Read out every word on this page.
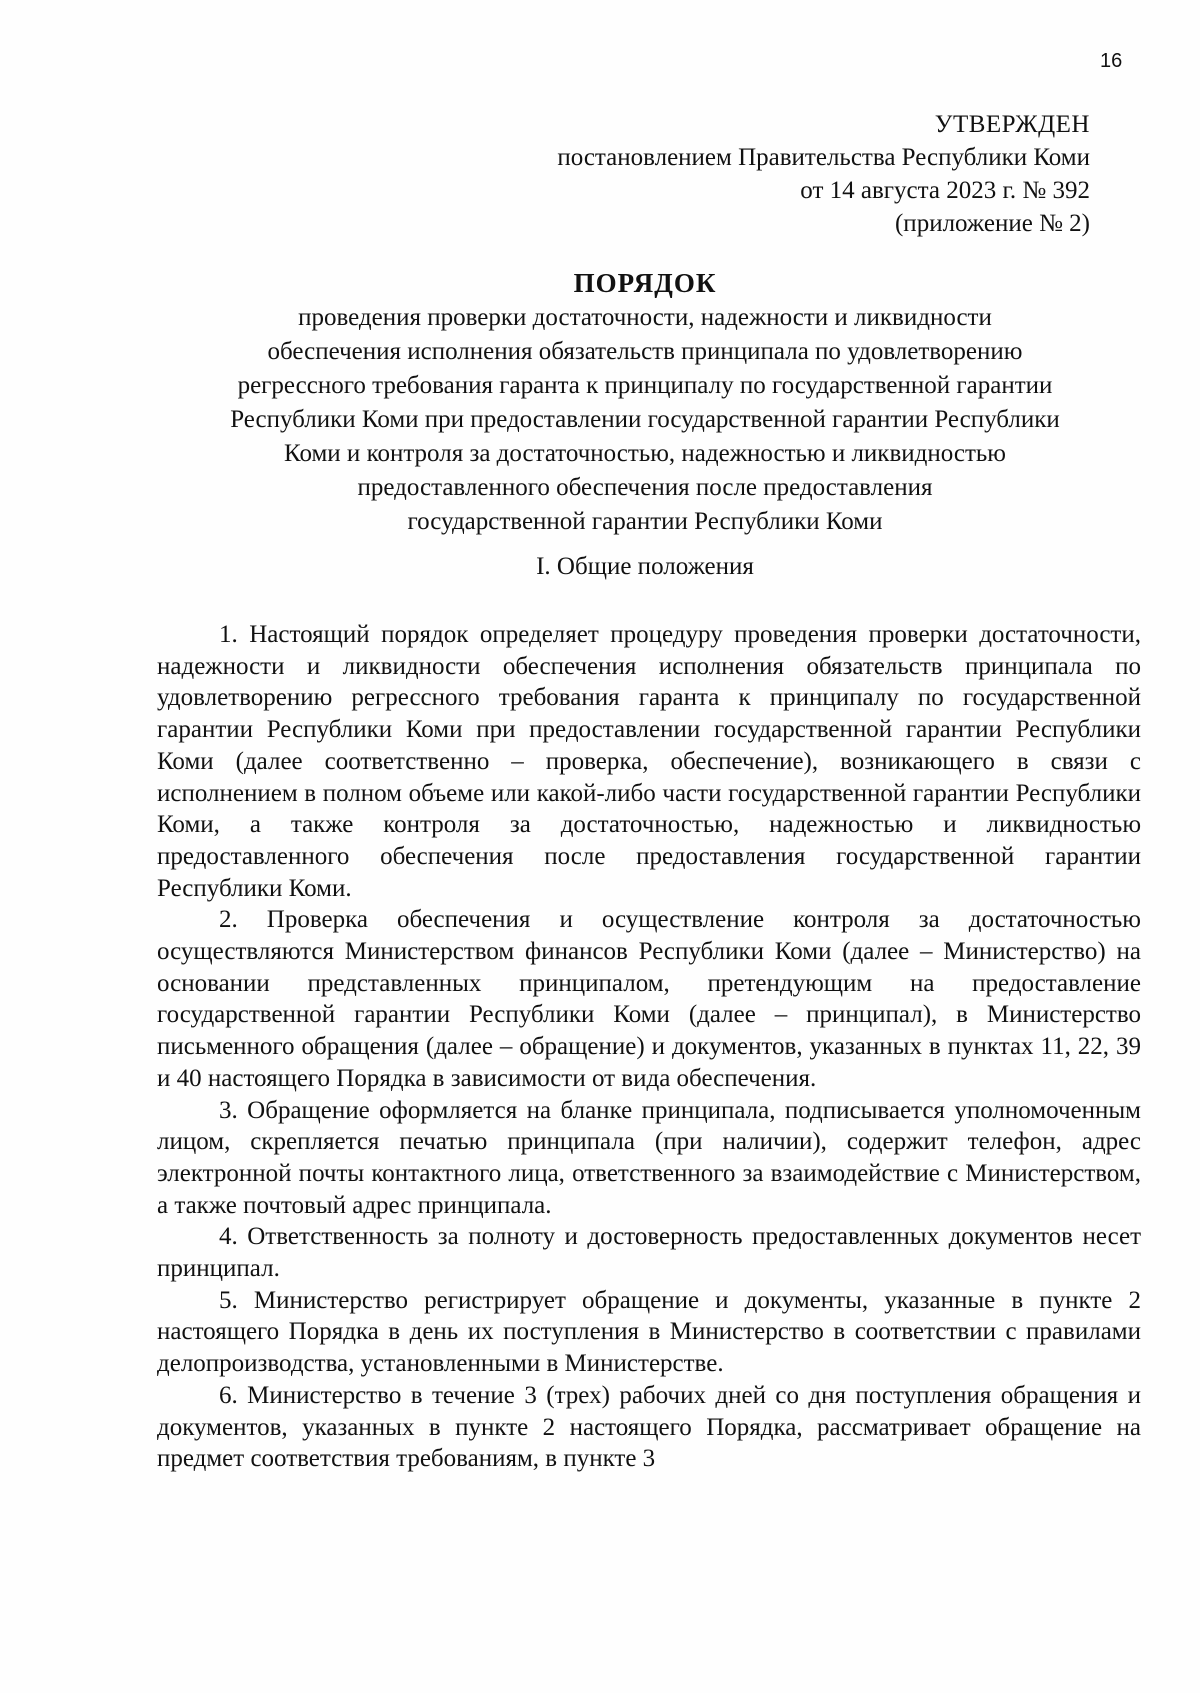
16
УТВЕРЖДЕН
постановлением Правительства Республики Коми
от 14 августа 2023 г. № 392
(приложение № 2)
ПОРЯДОК
проведения проверки достаточности, надежности и ликвидности
обеспечения исполнения обязательств принципала по удовлетворению
регрессного требования гаранта к принципалу по государственной гарантии
Республики Коми при предоставлении государственной гарантии Республики
Коми и контроля за достаточностью, надежностью и ликвидностью
предоставленного обеспечения после предоставления
государственной гарантии Республики Коми
I. Общие положения

1. Настоящий порядок определяет процедуру проведения проверки достаточности, надежности и ликвидности обеспечения исполнения обязательств принципала по удовлетворению регрессного требования гаранта к принципалу по государственной гарантии Республики Коми при предоставлении государственной гарантии Республики Коми (далее соответственно – проверка, обеспечение), возникающего в связи с исполнением в полном объеме или какой-либо части государственной гарантии Республики Коми, а также контроля за достаточностью, надежностью и ликвидностью предоставленного обеспечения после предоставления государственной гарантии Республики Коми.

2. Проверка обеспечения и осуществление контроля за достаточностью осуществляются Министерством финансов Республики Коми (далее – Министерство) на основании представленных принципалом, претендующим на предоставление государственной гарантии Республики Коми (далее – принципал), в Министерство письменного обращения (далее – обращение) и документов, указанных в пунктах 11, 22, 39 и 40 настоящего Порядка в зависимости от вида обеспечения.

3. Обращение оформляется на бланке принципала, подписывается уполномоченным лицом, скрепляется печатью принципала (при наличии), содержит телефон, адрес электронной почты контактного лица, ответственного за взаимодействие с Министерством, а также почтовый адрес принципала.

4. Ответственность за полноту и достоверность предоставленных документов несет принципал.

5. Министерство регистрирует обращение и документы, указанные в пункте 2 настоящего Порядка в день их поступления в Министерство в соответствии с правилами делопроизводства, установленными в Министерстве.

6. Министерство в течение 3 (трех) рабочих дней со дня поступления обращения и документов, указанных в пункте 2 настоящего Порядка, рассматривает обращение на предмет соответствия требованиям, в пункте 3
